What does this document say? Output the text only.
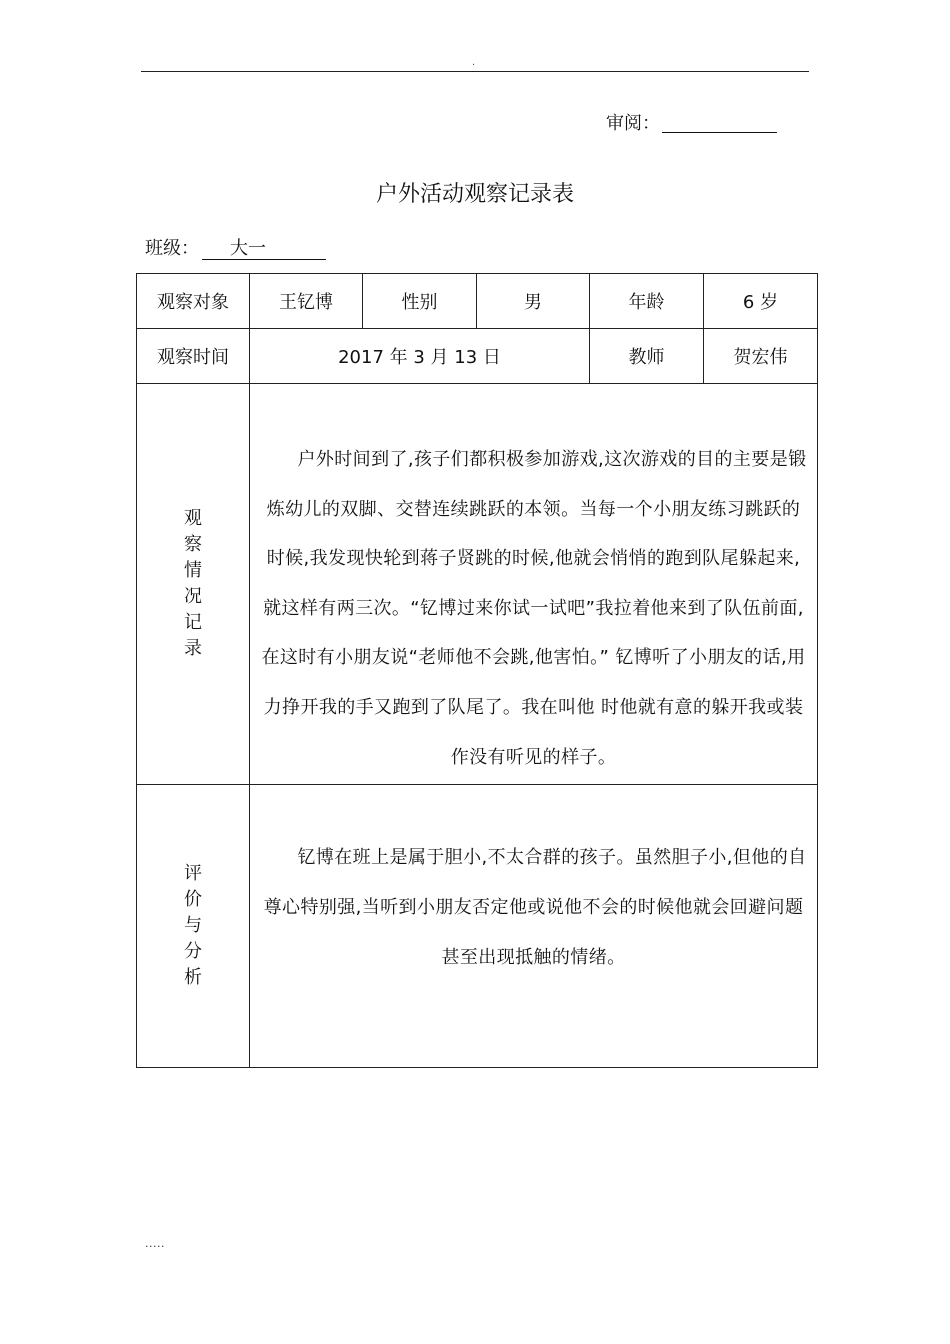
.
审阅：
户外活动观察记录表
班级：	大一
观察对象	王钇博	性别	男	年龄	6 岁
观察时间	2017 年 3 月 13 日			教师	贺宏伟
观察情况记录	户外时间到了,孩子们都积极参加游戏,这次游戏的目的主要是锻炼幼儿的双脚、交替连续跳跃的本领。当每一个小朋友练习跳跃的时候,我发现快轮到蒋子贤跳的时候,他就会悄悄的跑到队尾躲起来,就这样有两三次。“钇博过来你试一试吧”我拉着他来到了队伍前面,在这时有小朋友说“老师他不会跳,他害怕。” 钇博听了小朋友的话,用力挣开我的手又跑到了队尾了。我在叫他 时他就有意的躲开我或装作没有听见的样子。				

评价与分析	钇博在班上是属于胆小,不太合群的孩子。虽然胆子小,但他的自尊心特别强,当听到小朋友否定他或说他不会的时候他就会回避问题甚至出现抵触的情绪。				

.....
